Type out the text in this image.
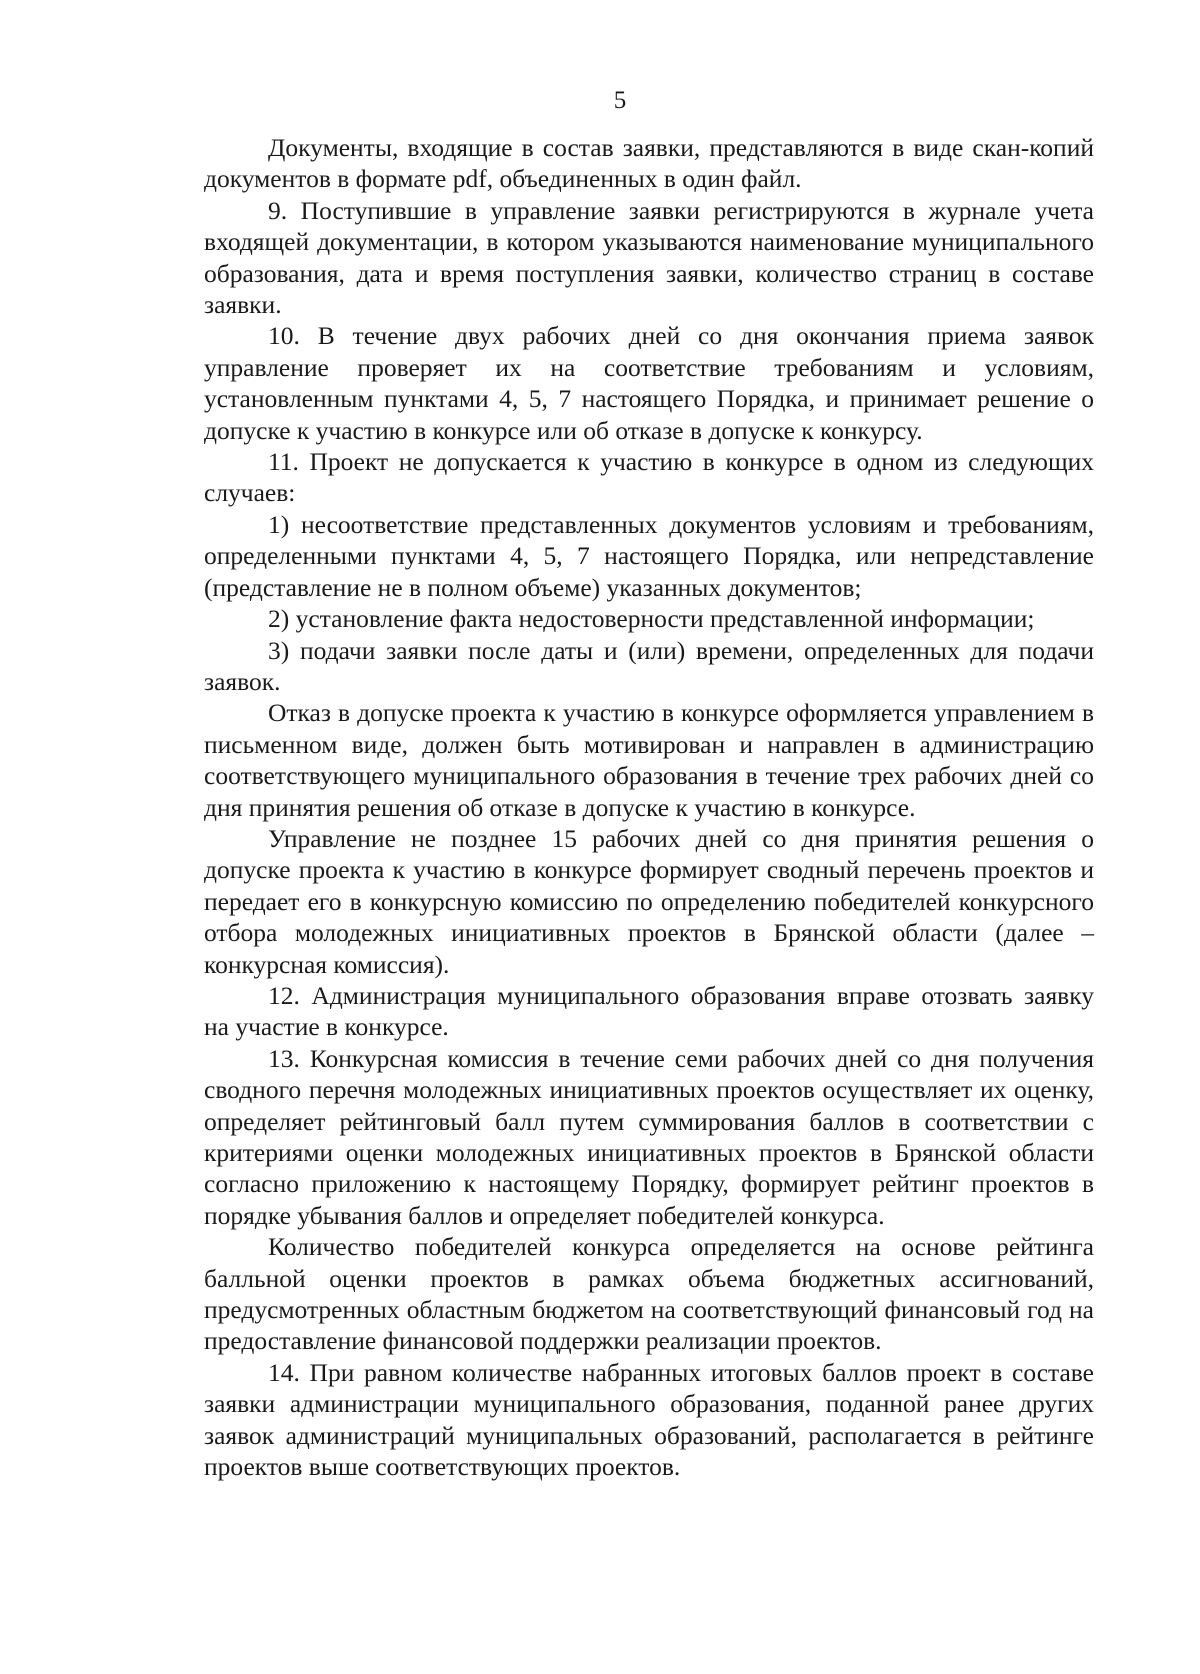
5

Документы, входящие в состав заявки, представляются в виде скан-копий документов в формате pdf, объединенных в один файл.

9. Поступившие в управление заявки регистрируются в журнале учета входящей документации, в котором указываются наименование муниципального образования, дата и время поступления заявки, количество страниц в составе заявки.

10. В течение двух рабочих дней со дня окончания приема заявок управление проверяет их на соответствие требованиям и условиям, установленным пунктами 4, 5, 7 настоящего Порядка, и принимает решение о допуске к участию в конкурсе или об отказе в допуске к конкурсу.

11. Проект не допускается к участию в конкурсе в одном из следующих случаев:

1) несоответствие представленных документов условиям и требованиям, определенными пунктами 4, 5, 7 настоящего Порядка, или непредставление (представление не в полном объеме) указанных документов;

2) установление факта недостоверности представленной информации;

3) подачи заявки после даты и (или) времени, определенных для подачи заявок.

Отказ в допуске проекта к участию в конкурсе оформляется управлением в письменном виде, должен быть мотивирован и направлен в администрацию соответствующего муниципального образования в течение трех рабочих дней со дня принятия решения об отказе в допуске к участию в конкурсе.

Управление не позднее 15 рабочих дней со дня принятия решения о допуске проекта к участию в конкурсе формирует сводный перечень проектов и передает его в конкурсную комиссию по определению победителей конкурсного отбора молодежных инициативных проектов в Брянской области (далее – конкурсная комиссия).

12. Администрация муниципального образования вправе отозвать заявку на участие в конкурсе.

13. Конкурсная комиссия в течение семи рабочих дней со дня получения сводного перечня молодежных инициативных проектов осуществляет их оценку, определяет рейтинговый балл путем суммирования баллов в соответствии с критериями оценки молодежных инициативных проектов в Брянской области согласно приложению к настоящему Порядку, формирует рейтинг проектов в порядке убывания баллов и определяет победителей конкурса.

Количество победителей конкурса определяется на основе рейтинга балльной оценки проектов в рамках объема бюджетных ассигнований, предусмотренных областным бюджетом на соответствующий финансовый год на предоставление финансовой поддержки реализации проектов.

14. При равном количестве набранных итоговых баллов проект в составе заявки администрации муниципального образования, поданной ранее других заявок администраций муниципальных образований, располагается в рейтинге проектов выше соответствующих проектов.
